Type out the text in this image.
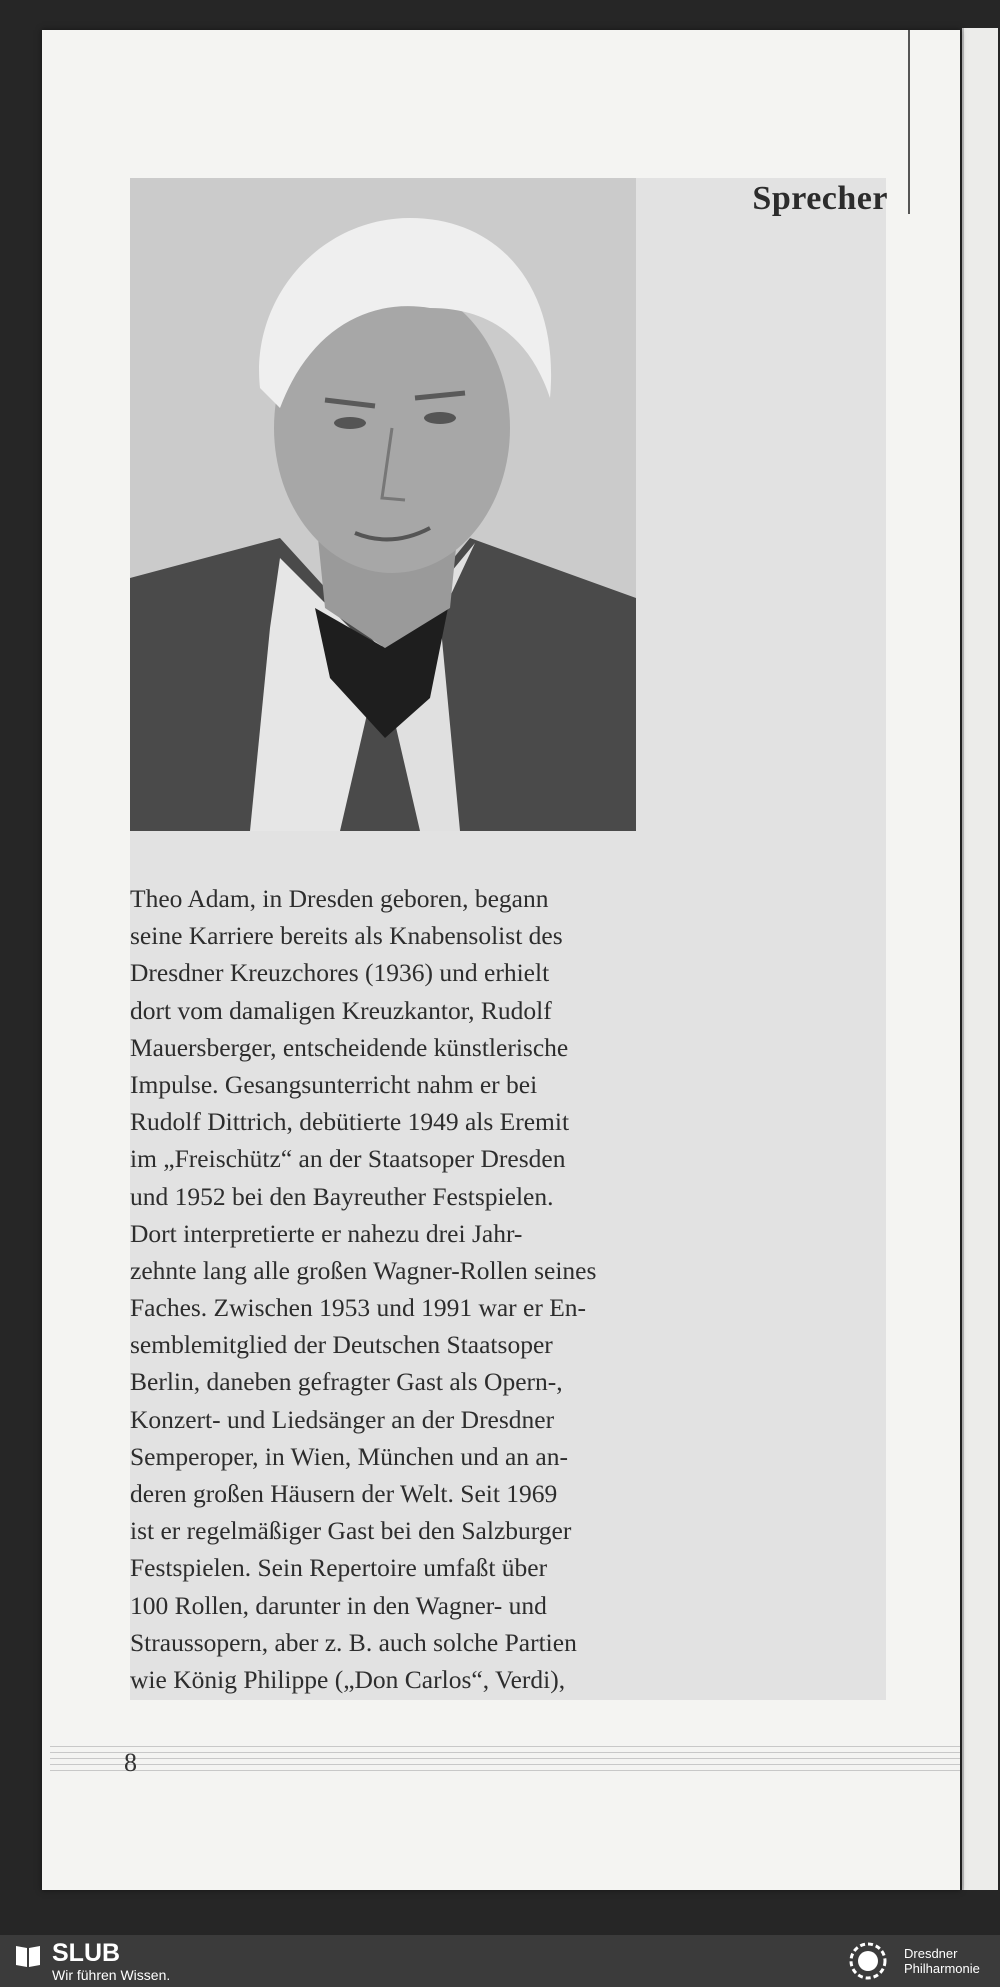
Sprecher
Theo Adam, in Dresden geboren, begann
seine Karriere bereits als Knabensolist des
Dresdner Kreuzchores (1936) und erhielt
dort vom damaligen Kreuzkantor, Rudolf
Mauersberger, entscheidende künstlerische
Impulse. Gesangsunterricht nahm er bei
Rudolf Dittrich, debütierte 1949 als Eremit
im „Freischütz“ an der Staatsoper Dresden
und 1952 bei den Bayreuther Festspielen.
Dort interpretierte er nahezu drei Jahr-
zehnte lang alle großen Wagner-Rollen seines
Faches. Zwischen 1953 und 1991 war er En-
semblemitglied der Deutschen Staatsoper
Berlin, daneben gefragter Gast als Opern-,
Konzert- und Liedsänger an der Dresdner
Semperoper, in Wien, München und an an-
deren großen Häusern der Welt. Seit 1969
ist er regelmäßiger Gast bei den Salzburger
Festspielen. Sein Repertoire umfaßt über
100 Rollen, darunter in den Wagner- und
Straussopern, aber z. B. auch solche Partien
wie König Philippe („Don Carlos“, Verdi),
8
SLUB
Wir führen Wissen.
Dresdner
Philharmonie
